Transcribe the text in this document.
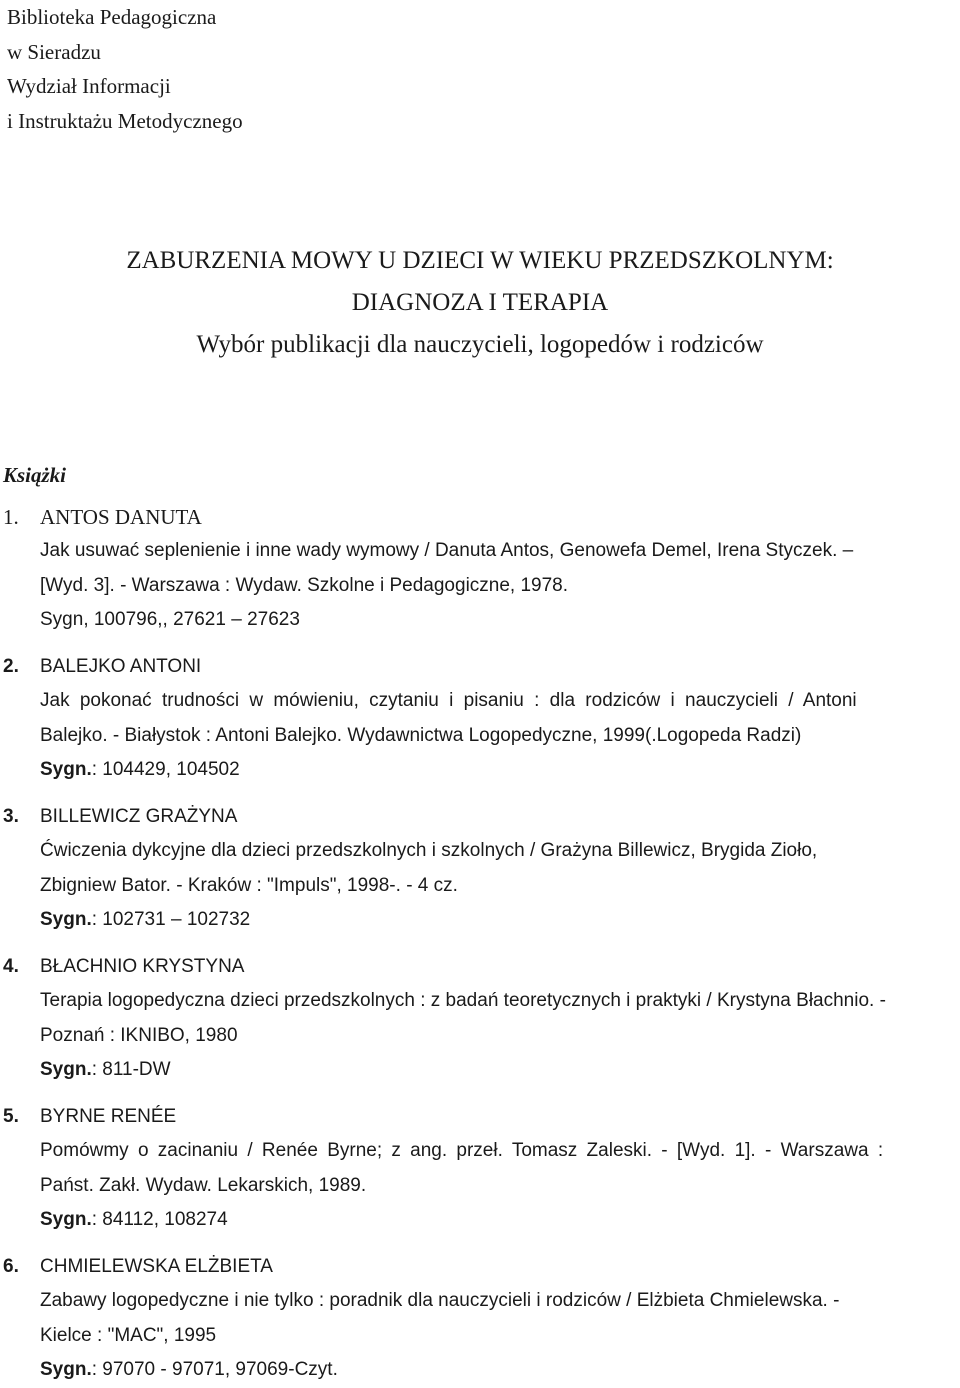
Biblioteka Pedagogiczna
w Sieradzu
Wydział Informacji
i Instruktażu Metodycznego
ZABURZENIA MOWY U DZIECI W WIEKU PRZEDSZKOLNYM:
DIAGNOZA I TERAPIA
Wybór publikacji dla nauczycieli, logopedów i rodziców
Książki
1. ANTOS DANUTA
Jak usuwać seplenienie i inne wady wymowy / Danuta Antos, Genowefa Demel, Irena Styczek. –
[Wyd. 3]. - Warszawa : Wydaw. Szkolne i Pedagogiczne, 1978.
Sygn, 100796,, 27621 – 27623
2. BALEJKO ANTONI
Jak pokonać trudności w mówieniu, czytaniu i pisaniu : dla rodziców i nauczycieli / Antoni
Balejko. - Białystok : Antoni Balejko. Wydawnictwa Logopedyczne, 1999(.Logopeda Radzi)
Sygn.: 104429, 104502
3. BILLEWICZ GRAŻYNA
Ćwiczenia dykcyjne dla dzieci przedszkolnych i szkolnych / Grażyna Billewicz, Brygida Zioło,
Zbigniew Bator. - Kraków : "Impuls", 1998-. - 4 cz.
Sygn.: 102731 – 102732
4. BŁACHNIO KRYSTYNA
Terapia logopedyczna dzieci przedszkolnych : z badań teoretycznych i praktyki / Krystyna Błachnio. -
Poznań : IKNIBO, 1980
Sygn.: 811-DW
5. BYRNE RENÉE
Pomówmy o zacinaniu / Renée Byrne; z ang. przeł. Tomasz Zaleski. - [Wyd. 1]. - Warszawa :
Państ. Zakł. Wydaw. Lekarskich, 1989.
Sygn.: 84112, 108274
6. CHMIELEWSKA ELŻBIETA
Zabawy logopedyczne i nie tylko : poradnik dla nauczycieli i rodziców / Elżbieta Chmielewska. -
Kielce : "MAC", 1995
Sygn.: 97070 - 97071, 97069-Czyt.
